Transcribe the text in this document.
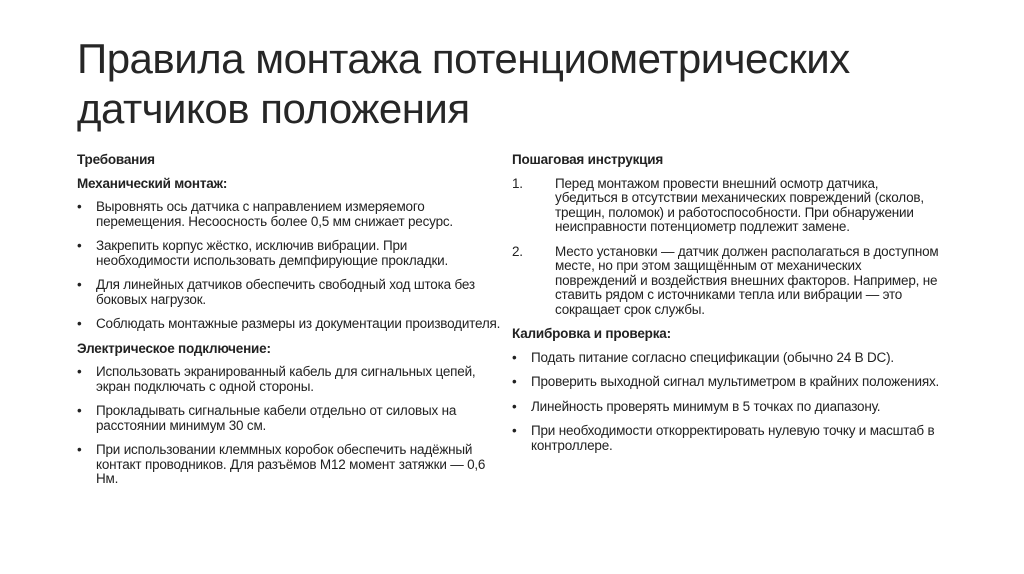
Правила монтажа потенциометрических датчиков положения
Требования
Механический монтаж:
• Выровнять ось датчика с направлением измеряемого перемещения. Несоосность более 0,5 мм снижает ресурс.
• Закрепить корпус жёстко, исключив вибрации. При необходимости использовать демпфирующие прокладки.
• Для линейных датчиков обеспечить свободный ход штока без боковых нагрузок.
• Соблюдать монтажные размеры из документации производителя.
Электрическое подключение:
• Использовать экранированный кабель для сигнальных цепей, экран подключать с одной стороны.
• Прокладывать сигнальные кабели отдельно от силовых на расстоянии минимум 30 см.
• При использовании клеммных коробок обеспечить надёжный контакт проводников. Для разъёмов M12 момент затяжки — 0,6 Нм.
Пошаговая инструкция
1. Перед монтажом провести внешний осмотр датчика, убедиться в отсутствии механических повреждений (сколов, трещин, поломок) и работоспособности. При обнаружении неисправности потенциометр подлежит замене.
2. Место установки — датчик должен располагаться в доступном месте, но при этом защищённым от механических повреждений и воздействия внешних факторов. Например, не ставить рядом с источниками тепла или вибрации — это сокращает срок службы.
Калибровка и проверка:
• Подать питание согласно спецификации (обычно 24 В DC).
• Проверить выходной сигнал мультиметром в крайних положениях.
• Линейность проверять минимум в 5 точках по диапазону.
• При необходимости откорректировать нулевую точку и масштаб в контроллере.
